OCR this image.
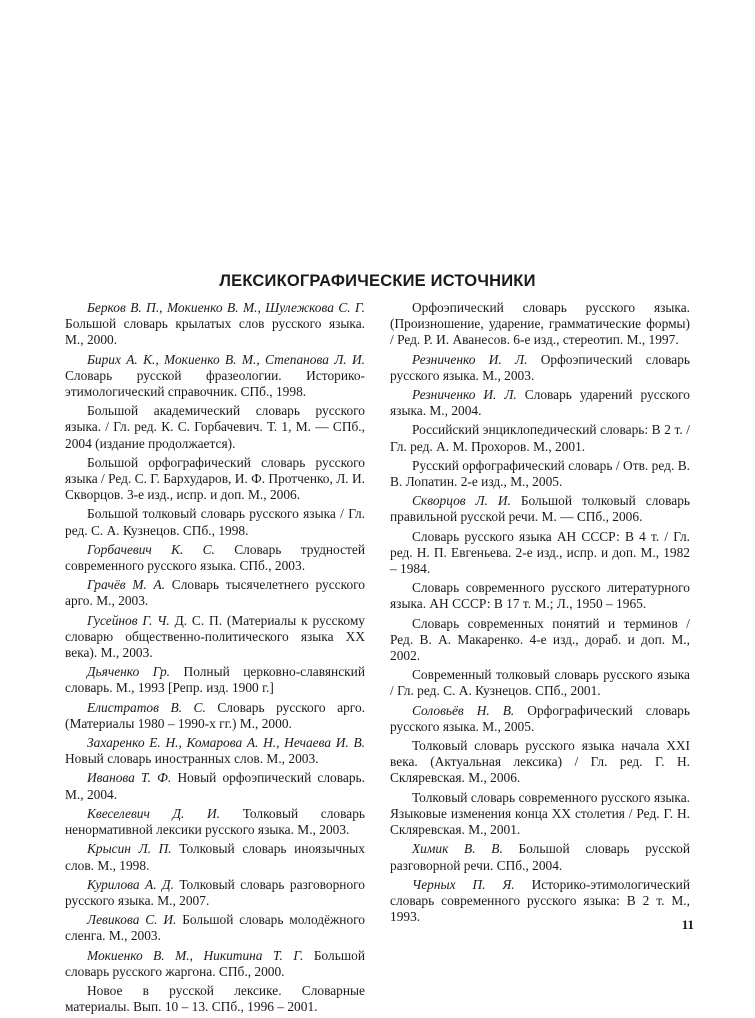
ЛЕКСИКОГРАФИЧЕСКИЕ ИСТОЧНИКИ

Берков В. П., Мокиенко В. М., Шулежкова С. Г. Большой словарь крылатых слов русского языка. М., 2000.

Бирих А. К., Мокиенко В. М., Степанова Л. И. Словарь русской фразеологии. Историко-этимологический справочник. СПб., 1998.

Большой академический словарь русского языка. / Гл. ред. К. С. Горбачевич. Т. 1, М. — СПб., 2004 (издание продолжается).

Большой орфографический словарь русского языка / Ред. С. Г. Бархударов, И. Ф. Протченко, Л. И. Скворцов. 3-е изд., испр. и доп. М., 2006.

Большой толковый словарь русского языка / Гл. ред. С. А. Кузнецов. СПб., 1998.

Горбачевич К. С. Словарь трудностей современного русского языка. СПб., 2003.

Грачёв М. А. Словарь тысячелетнего русского арго. М., 2003.

Гусейнов Г. Ч. Д. С. П. (Материалы к русскому словарю общественно-политического языка XX века). М., 2003.

Дьяченко Гр. Полный церковно-славянский словарь. М., 1993 [Репр. изд. 1900 г.]

Елистратов В. С. Словарь русского арго. (Материалы 1980 – 1990-х гг.) М., 2000.

Захаренко Е. Н., Комарова А. Н., Нечаева И. В. Новый словарь иностранных слов. М., 2003.

Иванова Т. Ф. Новый орфоэпический словарь. М., 2004.

Квеселевич Д. И. Толковый словарь ненормативной лексики русского языка. М., 2003.

Крысин Л. П. Толковый словарь иноязычных слов. М., 1998.

Курилова А. Д. Толковый словарь разговорного русского языка. М., 2007.

Левикова С. И. Большой словарь молодёжного сленга. М., 2003.

Мокиенко В. М., Никитина Т. Г. Большой словарь русского жаргона. СПб., 2000.

Новое в русской лексике. Словарные материалы. Вып. 10 – 13. СПб., 1996 – 2001.

Орфоэпический словарь русского языка. (Произношение, ударение, грамматические формы) / Ред. Р. И. Аванесов. 6-е изд., стереотип. М., 1997.

Резниченко И. Л. Орфоэпический словарь русского языка. М., 2003.

Резниченко И. Л. Словарь ударений русского языка. М., 2004.

Российский энциклопедический словарь: В 2 т. / Гл. ред. А. М. Прохоров. М., 2001.

Русский орфографический словарь / Отв. ред. В. В. Лопатин. 2-е изд., М., 2005.

Скворцов Л. И. Большой толковый словарь правильной русской речи. М. — СПб., 2006.

Словарь русского языка АН СССР: В 4 т. / Гл. ред. Н. П. Евгеньева. 2-е изд., испр. и доп. М., 1982 – 1984.

Словарь современного русского литературного языка. АН СССР: В 17 т. М.; Л., 1950 – 1965.

Словарь современных понятий и терминов / Ред. В. А. Макаренко. 4-е изд., дораб. и доп. М., 2002.

Современный толковый словарь русского языка / Гл. ред. С. А. Кузнецов. СПб., 2001.

Соловьёв Н. В. Орфографический словарь русского языка. М., 2005.

Толковый словарь русского языка начала XXI века. (Актуальная лексика) / Гл. ред. Г. Н. Скляревская. М., 2006.

Толковый словарь современного русского языка. Языковые изменения конца XX столетия / Ред. Г. Н. Скляревская. М., 2001.

Химик В. В. Большой словарь русской разговорной речи. СПб., 2004.

Черных П. Я. Историко-этимологический словарь современного русского языка: В 2 т. М., 1993.

11
